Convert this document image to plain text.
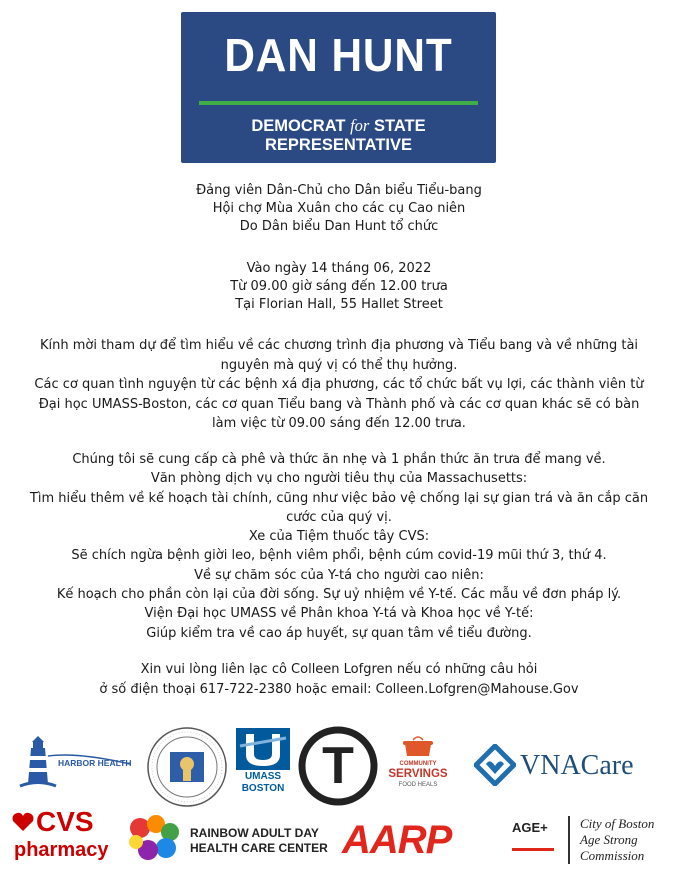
DAN HUNT
DEMOCRAT for STATE REPRESENTATIVE
Đảng viên Dân-Chủ cho Dân biểu Tiểu-bang
Hội chợ Mùa Xuân cho các cụ Cao niên
Do Dân biểu Dan Hunt tổ chức
Vào ngày 14 tháng 06, 2022
Từ 09.00 giờ sáng đến 12.00 trưa
Tại Florian Hall, 55 Hallet Street
Kính mời tham dự để tìm hiểu về các chương trình địa phương và Tiểu bang và về những tài
nguyên mà quý vị có thể thụ hưởng.
Các cơ quan tình nguyện từ các bệnh xá địa phương, các tổ chức bất vụ lợi, các thành viên từ
Đại học UMASS-Boston, các cơ quan Tiểu bang và Thành phố và các cơ quan khác sẽ có bàn
làm việc từ 09.00 sáng đến 12.00 trưa.
Chúng tôi sẽ cung cấp cà phê và thức ăn nhẹ và 1 phần thức ăn trưa để mang về.
Văn phòng dịch vụ cho người tiêu thụ của Massachusetts:
Tìm hiểu thêm về kế hoạch tài chính, cũng như việc bảo vệ chống lại sự gian trá và ăn cắp căn
cước của quý vị.
Xe của Tiệm thuốc tây CVS:
Sẽ chích ngừa bệnh giời leo, bệnh viêm phổi, bệnh cúm covid-19 mũi thứ 3, thứ 4.
Về sự chăm sóc của Y-tá cho người cao niên:
Kế hoạch cho phần còn lại của đời sống. Sự uỷ nhiệm về Y-tế. Các mẫu về đơn pháp lý.
Viện Đại học UMASS về Phân khoa Y-tá và Khoa học về Y-tế:
Giúp kiểm tra về cao áp huyết, sự quan tâm về tiểu đường.
Xin vui lòng liên lạc cô Colleen Lofgren nếu có những câu hỏi
ở số điện thoại 617-722-2380 hoặc email: Colleen.Lofgren@Mahouse.Gov
HARBOR HEALTH
UMASS
BOSTON T	COMMUNITY
SERVINGS
FOOD HEALS
VNACare
CVS
pharmacy
RAINBOW ADULT DAY
HEALTH CARE CENTER AARP	AGE+	City of Boston
Age Strong
Commission
